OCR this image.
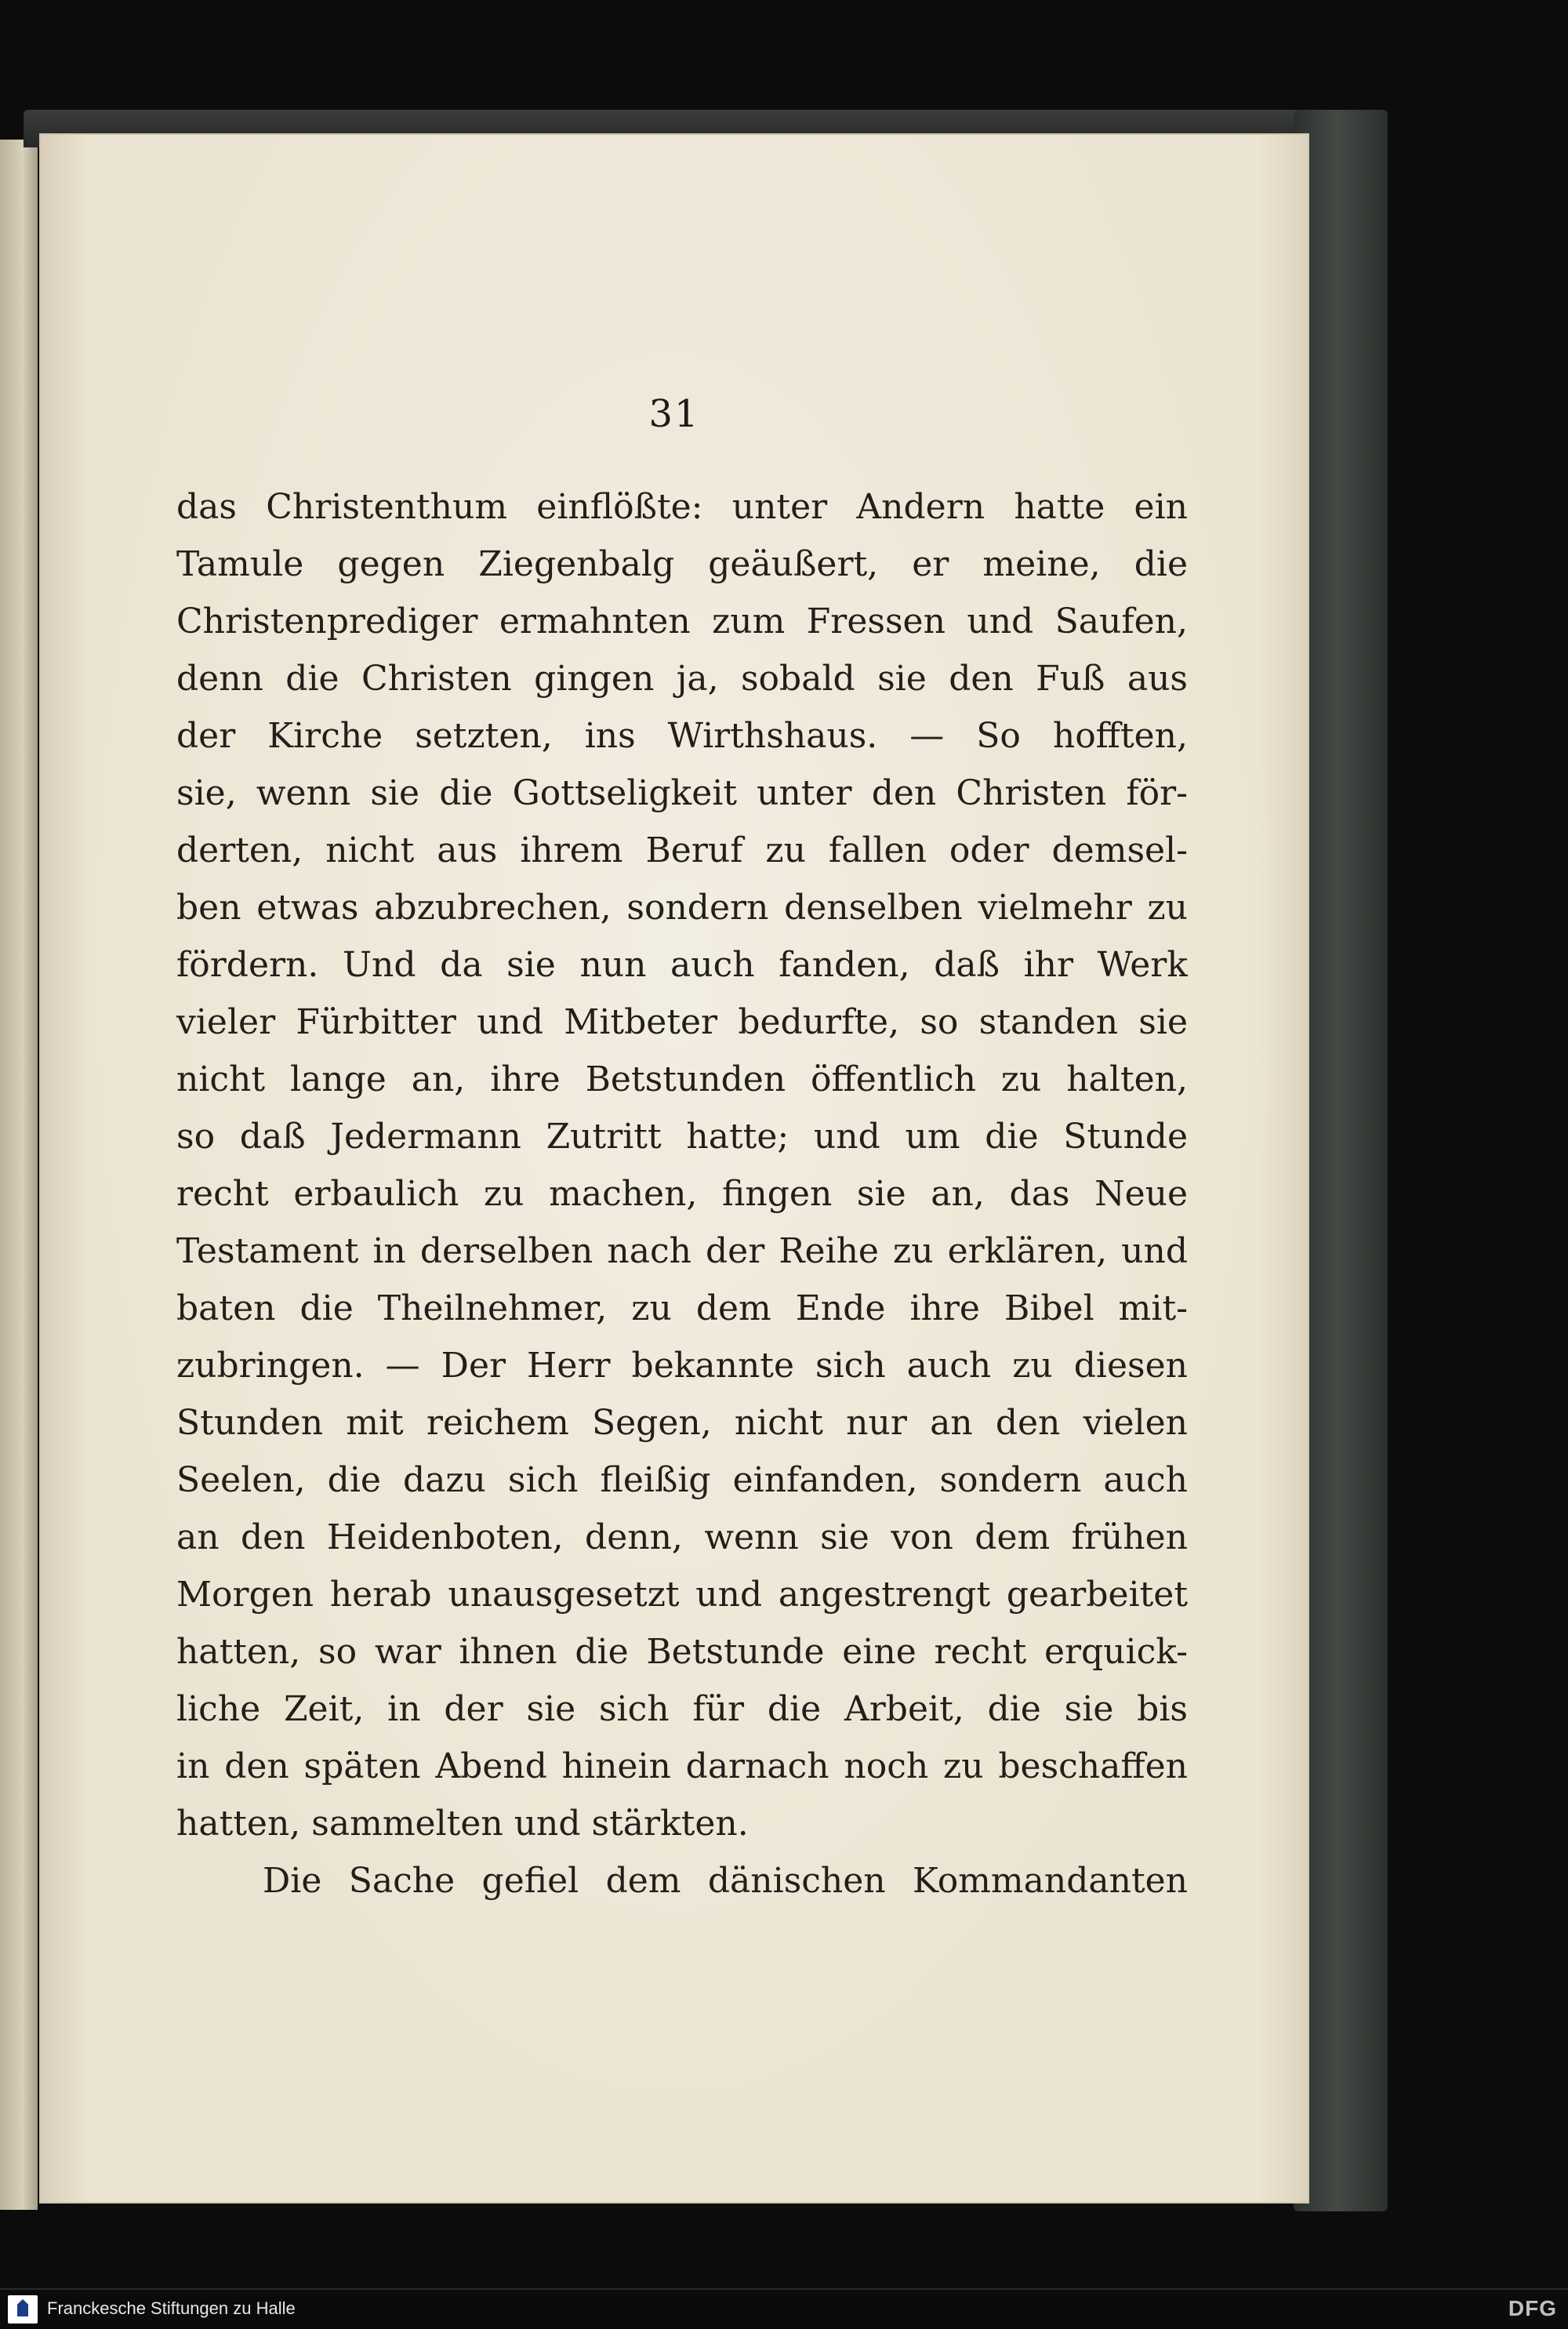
31
das Christenthum einflößte: unter Andern hatte ein
Tamule gegen Ziegenbalg geäußert, er meine, die
Christenprediger ermahnten zum Fressen und Saufen,
denn die Christen gingen ja, sobald sie den Fuß aus
der Kirche setzten, ins Wirthshaus. — So hofften,
sie, wenn sie die Gottseligkeit unter den Christen för-
derten, nicht aus ihrem Beruf zu fallen oder demsel-
ben etwas abzubrechen, sondern denselben vielmehr zu
fördern. Und da sie nun auch fanden, daß ihr Werk
vieler Fürbitter und Mitbeter bedurfte, so standen sie
nicht lange an, ihre Betstunden öffentlich zu halten,
so daß Jedermann Zutritt hatte; und um die Stunde
recht erbaulich zu machen, fingen sie an, das Neue
Testament in derselben nach der Reihe zu erklären, und
baten die Theilnehmer, zu dem Ende ihre Bibel mit-
zubringen. — Der Herr bekannte sich auch zu diesen
Stunden mit reichem Segen, nicht nur an den vielen
Seelen, die dazu sich fleißig einfanden, sondern auch
an den Heidenboten, denn, wenn sie von dem frühen
Morgen herab unausgesetzt und angestrengt gearbeitet
hatten, so war ihnen die Betstunde eine recht erquick-
liche Zeit, in der sie sich für die Arbeit, die sie bis
in den späten Abend hinein darnach noch zu beschaffen
hatten, sammelten und stärkten.
Die Sache gefiel dem dänischen Kommandanten
Franckesche Stiftungen zu Halle	DFG
